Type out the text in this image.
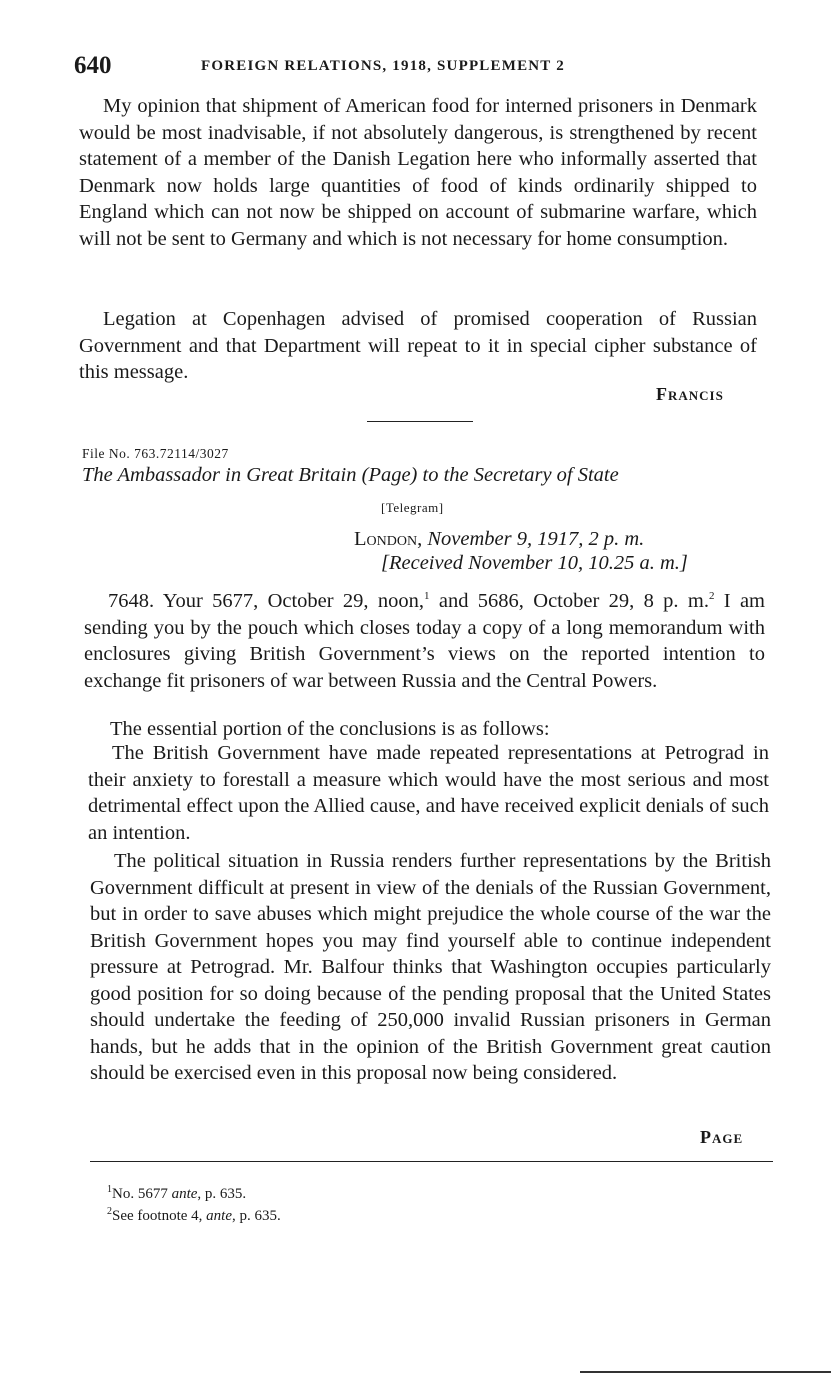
640	FOREIGN RELATIONS, 1918, SUPPLEMENT 2

My opinion that shipment of American food for interned prisoners in Denmark would be most inadvisable, if not absolutely dangerous, is strengthened by recent statement of a member of the Danish Legation here who informally asserted that Denmark now holds large quantities of food of kinds ordinarily shipped to England which can not now be shipped on account of submarine warfare, which will not be sent to Germany and which is not necessary for home consumption.

Legation at Copenhagen advised of promised cooperation of Russian Government and that Department will repeat to it in special cipher substance of this message.

Francis
File No. 763.72114/3027
The Ambassador in Great Britain (Page) to the Secretary of State
[Telegram]
London, November 9, 1917, 2 p. m.
[Received November 10, 10.25 a. m.]

7648. Your 5677, October 29, noon,$^1$ and 5686, October 29, 8 p. m.$^2$ I am sending you by the pouch which closes today a copy of a long memorandum with enclosures giving British Government’s views on the reported intention to exchange fit prisoners of war between Russia and the Central Powers.

The essential portion of the conclusions is as follows:

The British Government have made repeated representations at Petrograd in their anxiety to forestall a measure which would have the most serious and most detrimental effect upon the Allied cause, and have received explicit denials of such an intention.

The political situation in Russia renders further representations by the British Government difficult at present in view of the denials of the Russian Government, but in order to save abuses which might prejudice the whole course of the war the British Government hopes you may find yourself able to continue independent pressure at Petrograd. Mr. Balfour thinks that Washington occupies particularly good position for so doing because of the pending proposal that the United States should undertake the feeding of 250,000 invalid Russian prisoners in German hands, but he adds that in the opinion of the British Government great caution should be exercised even in this proposal now being considered.

Page
$^1$No. 5677 ante, p. 635.
$^2$See footnote 4, ante, p. 635.
